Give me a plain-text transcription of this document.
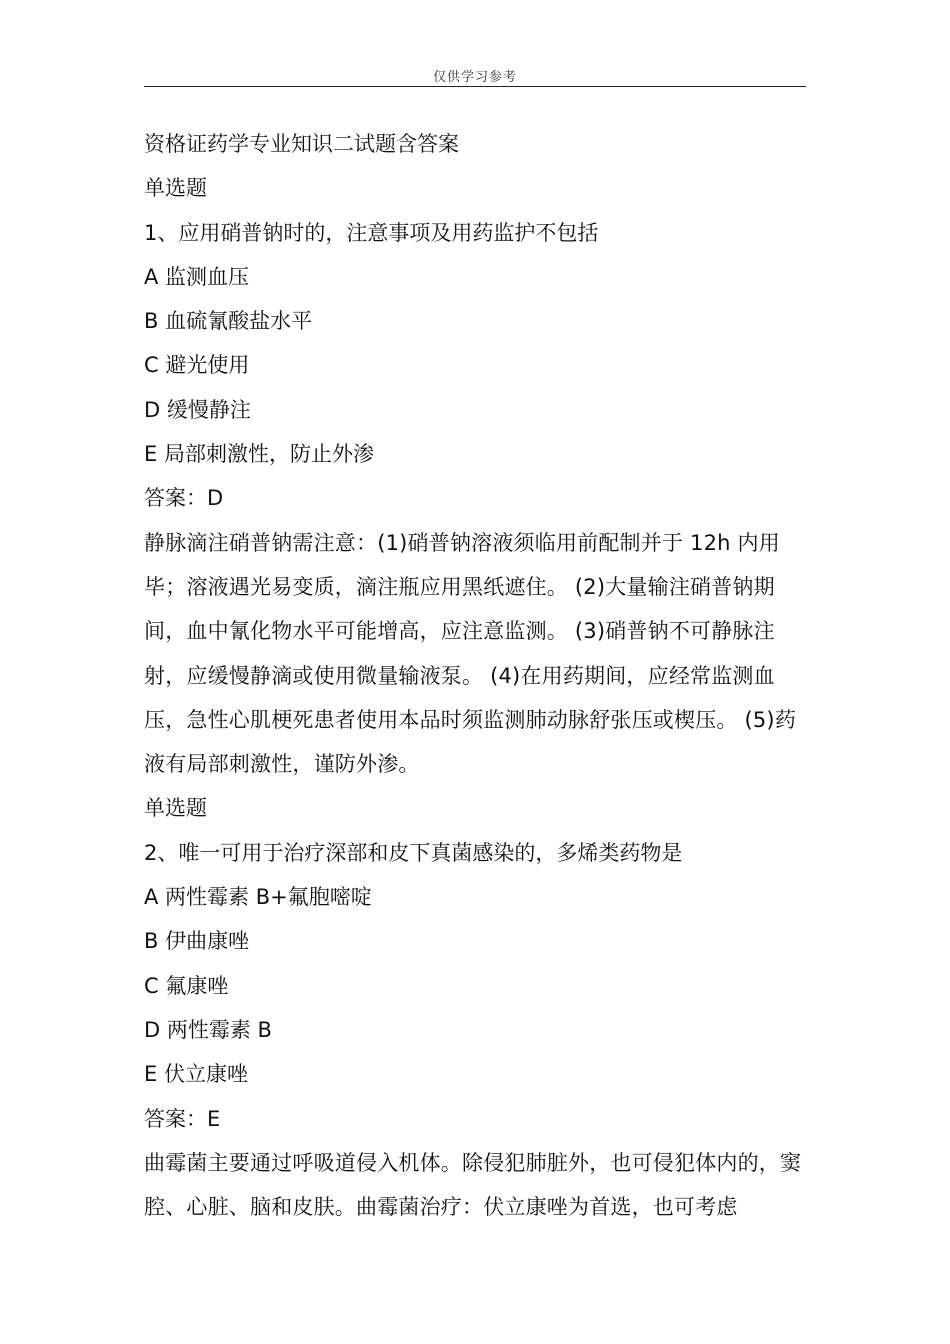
仅供学习参考
资格证药学专业知识二试题含答案
单选题
1、应用硝普钠时的，注意事项及用药监护不包括
A 监测血压
B 血硫氰酸盐水平
C 避光使用
D 缓慢静注
E 局部刺激性，防止外渗
答案：D
静脉滴注硝普钠需注意：(1)硝普钠溶液须临用前配制并于 12h 内用毕；溶液遇光易变质，滴注瓶应用黑纸遮住。 (2)大量输注硝普钠期间，血中氰化物水平可能增高，应注意监测。 (3)硝普钠不可静脉注射，应缓慢静滴或使用微量输液泵。 (4)在用药期间，应经常监测血压，急性心肌梗死患者使用本品时须监测肺动脉舒张压或楔压。 (5)药液有局部刺激性，谨防外渗。
单选题
2、唯一可用于治疗深部和皮下真菌感染的，多烯类药物是
A 两性霉素 B+氟胞嘧啶
B 伊曲康唑
C 氟康唑
D 两性霉素 B
E 伏立康唑
答案：E
曲霉菌主要通过呼吸道侵入机体。除侵犯肺脏外，也可侵犯体内的，窦腔、心脏、脑和皮肤。曲霉菌治疗：伏立康唑为首选，也可考虑
